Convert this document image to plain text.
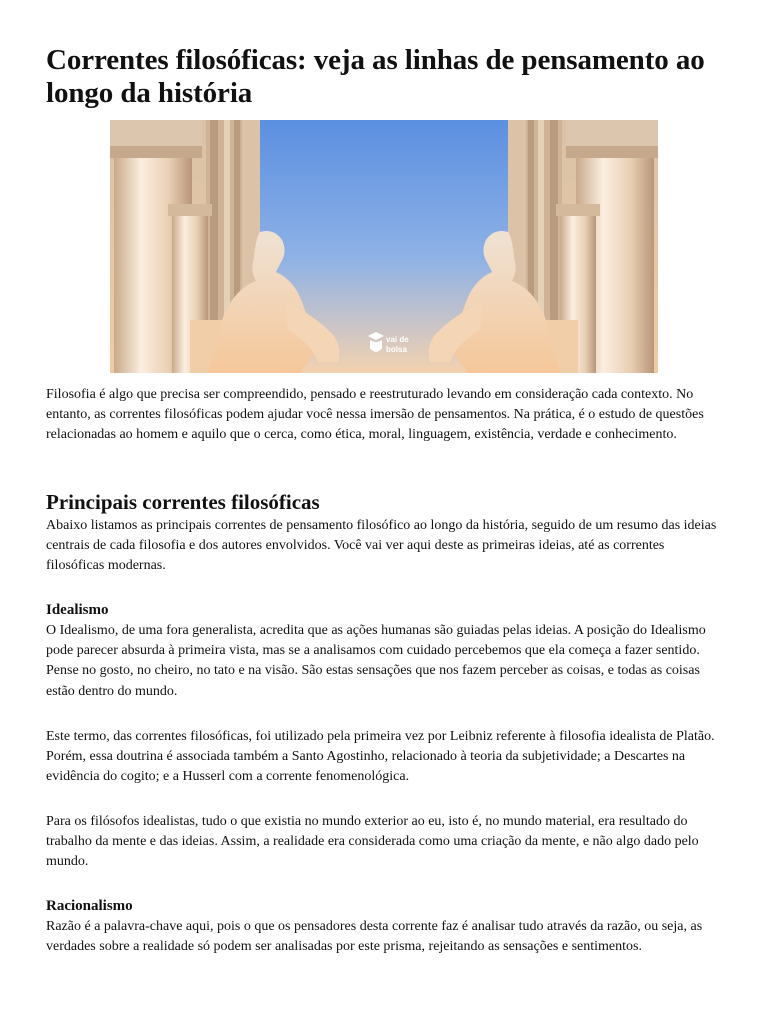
Correntes filosóficas: veja as linhas de pensamento ao longo da história
vai de
bolsa

Filosofia é algo que precisa ser compreendido, pensado e reestruturado levando em consideração cada contexto. No entanto, as correntes filosóficas podem ajudar você nessa imersão de pensamentos. Na prática, é o estudo de questões relacionadas ao homem e aquilo que o cerca, como ética, moral, linguagem, existência, verdade e conhecimento.

Principais correntes filosóficas

Abaixo listamos as principais correntes de pensamento filosófico ao longo da história, seguido de um resumo das ideias centrais de cada filosofia e dos autores envolvidos. Você vai ver aqui deste as primeiras ideias, até as correntes filosóficas modernas.

Idealismo

O Idealismo, de uma fora generalista, acredita que as ações humanas são guiadas pelas ideias. A posição do Idealismo pode parecer absurda à primeira vista, mas se a analisamos com cuidado percebemos que ela começa a fazer sentido. Pense no gosto, no cheiro, no tato e na visão. São estas sensações que nos fazem perceber as coisas, e todas as coisas estão dentro do mundo.

Este termo, das correntes filosóficas, foi utilizado pela primeira vez por Leibniz referente à filosofia idealista de Platão. Porém, essa doutrina é associada também a Santo Agostinho, relacionado à teoria da subjetividade; a Descartes na evidência do cogito; e a Husserl com a corrente fenomenológica.

Para os filósofos idealistas, tudo o que existia no mundo exterior ao eu, isto é, no mundo material, era resultado do trabalho da mente e das ideias. Assim, a realidade era considerada como uma criação da mente, e não algo dado pelo mundo.

Racionalismo

Razão é a palavra-chave aqui, pois o que os pensadores desta corrente faz é analisar tudo através da razão, ou seja, as verdades sobre a realidade só podem ser analisadas por este prisma, rejeitando as sensações e sentimentos.
